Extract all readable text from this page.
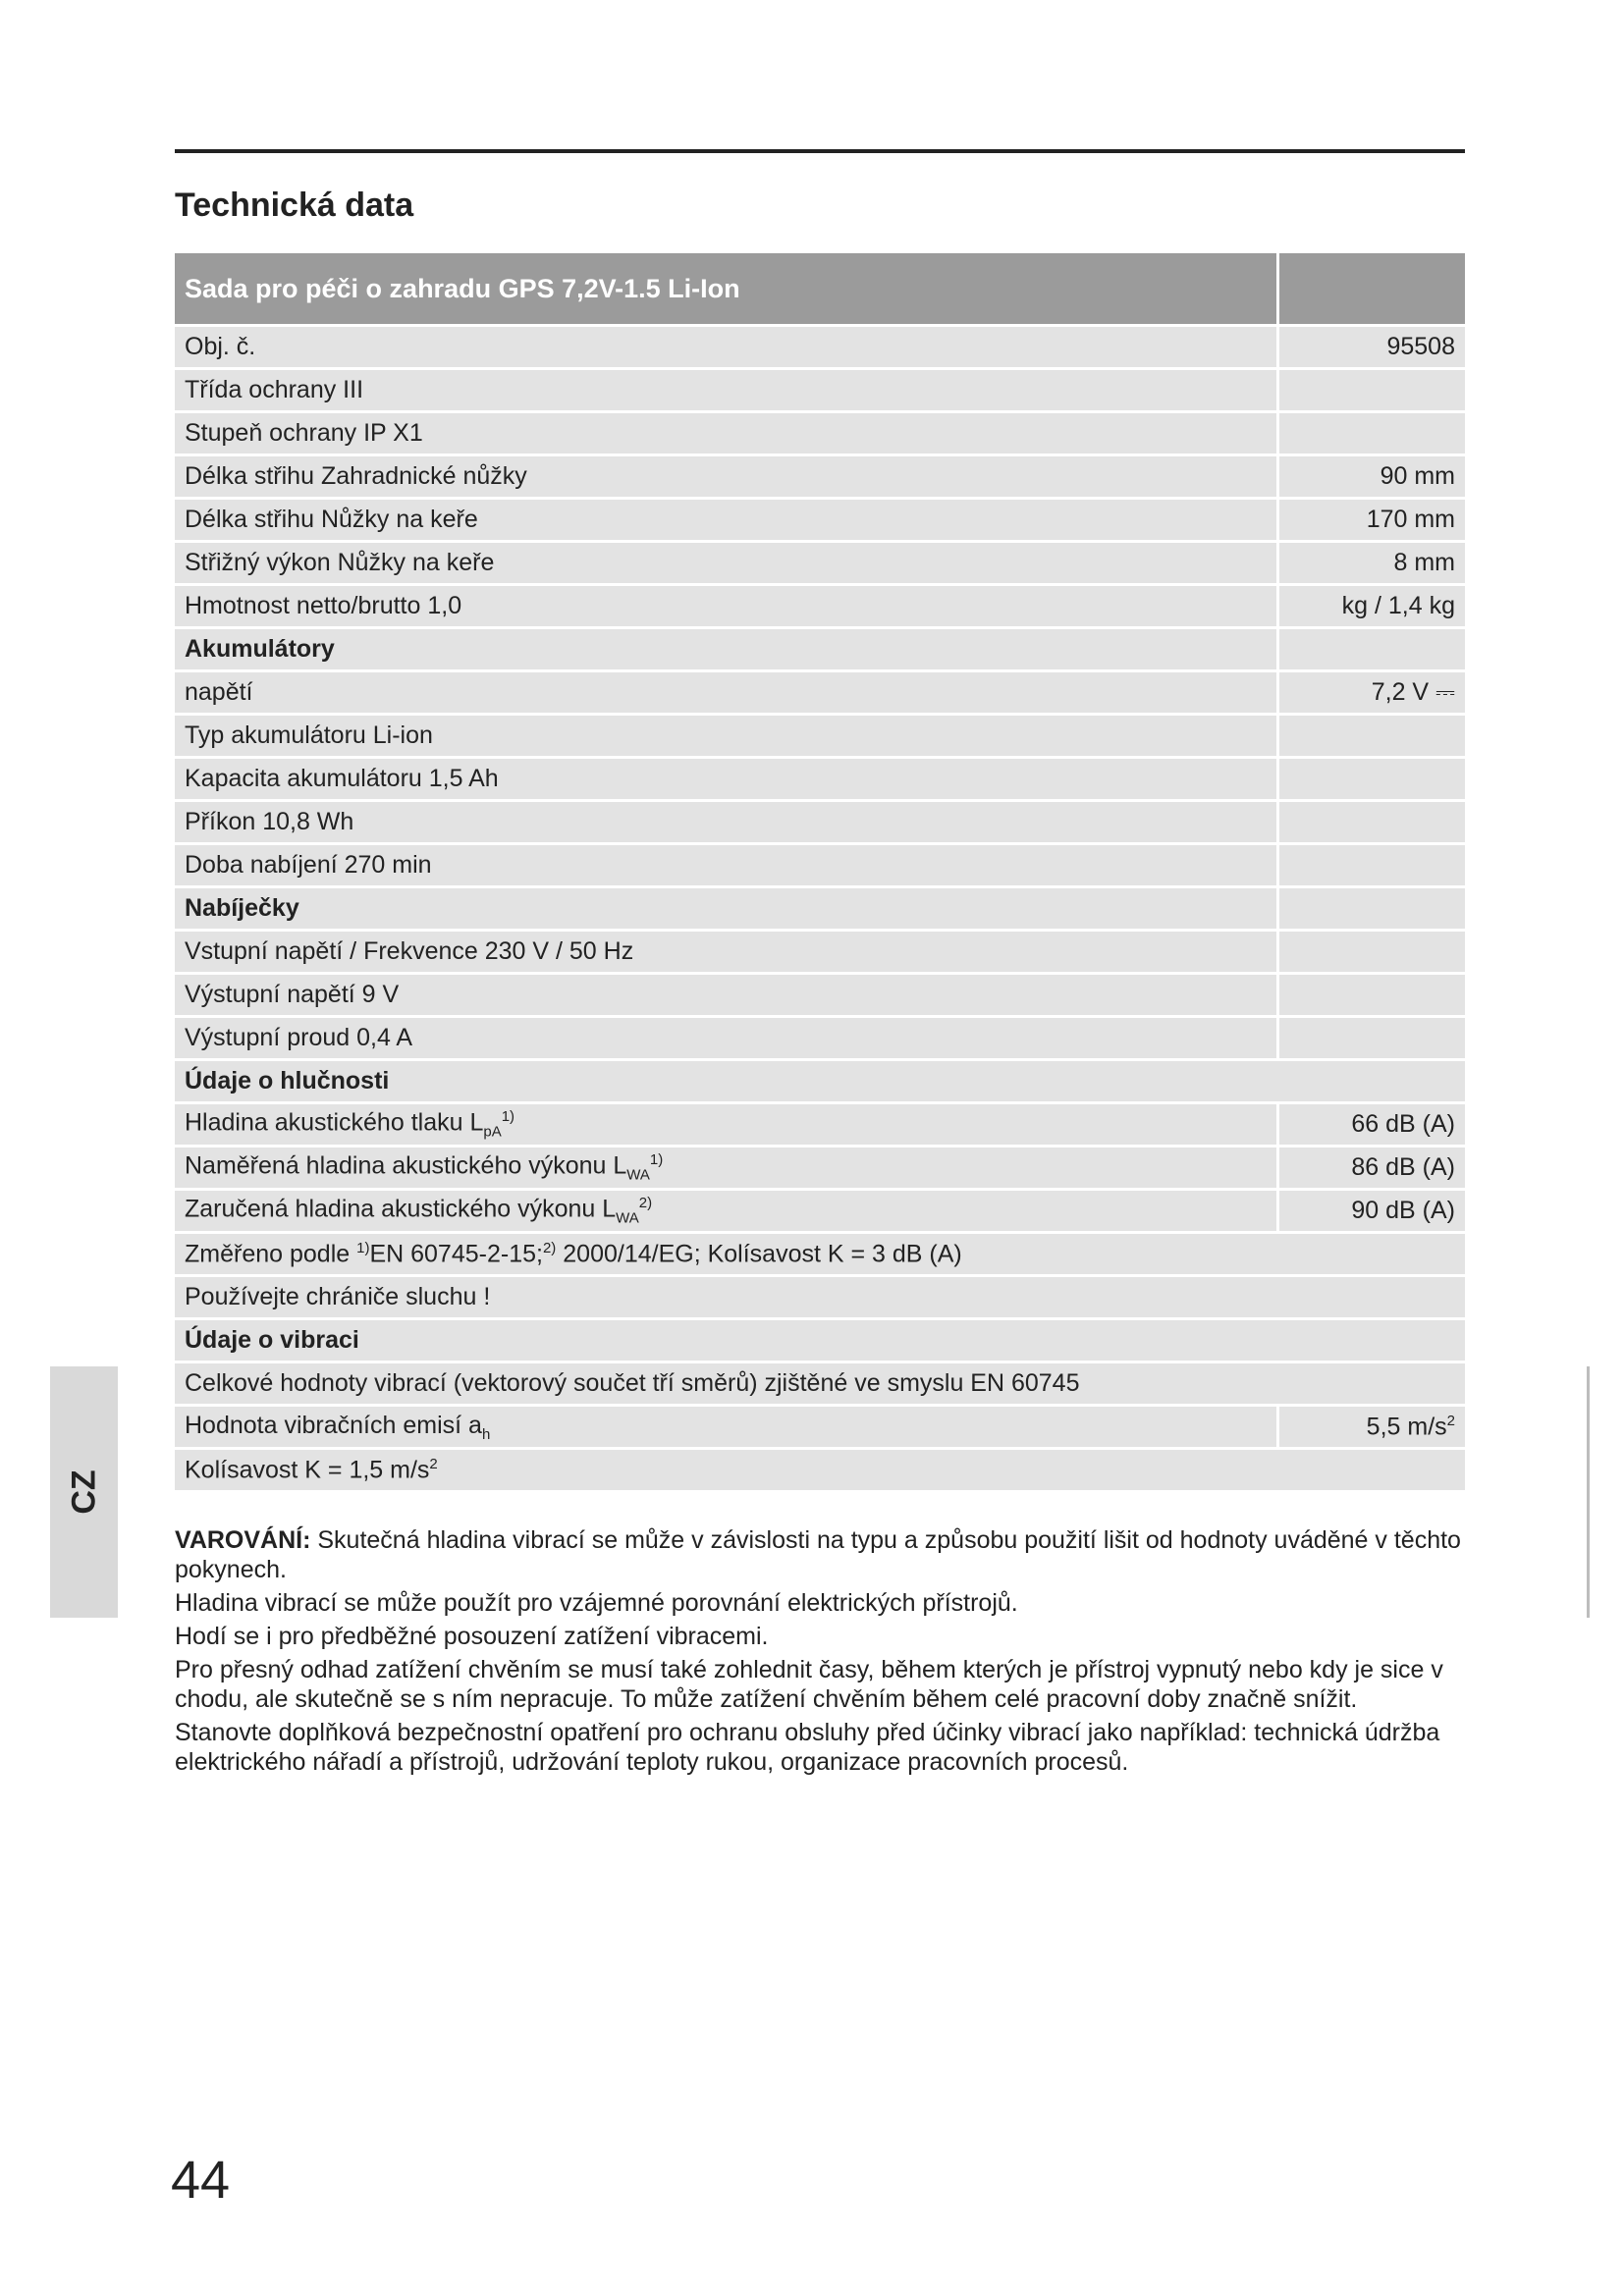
Technická data
Sada pro péči o zahradu GPS 7,2V-1.5 Li-Ion	
Obj. č.	95508
Třída ochrany III	
Stupeň ochrany IP X1	
Délka střihu Zahradnické nůžky	90 mm
Délka střihu Nůžky na keře	170 mm
Střižný výkon Nůžky na keře	8 mm
Hmotnost netto/brutto 1,0	kg / 1,4 kg
Akumulátory	
napětí	7,2 V ⎓
Typ akumulátoru Li-ion	
Kapacita akumulátoru 1,5 Ah	
Příkon 10,8 Wh	
Doba nabíjení 270 min	
Nabíječky	
Vstupní napětí / Frekvence 230 V / 50 Hz	
Výstupní napětí 9 V	
Výstupní proud 0,4 A	
Údaje o hlučnosti	
Hladina akustického tlaku $L_{pA}^{1)}$	66 dB (A)
Naměřená hladina akustického výkonu $L_{WA}^{1)}$	86 dB (A)
Zaručená hladina akustického výkonu $L_{WA}^{2)}$	90 dB (A)
Změřeno podle $^{1)}$EN 60745-2-15;$^{2)}$ 2000/14/EG; Kolísavost K = 3 dB (A)	
Používejte chrániče sluchu !	
Údaje o vibraci	
Celkové hodnoty vibrací (vektorový součet tří směrů) zjištěné ve smyslu EN 60745	
Hodnota vibračních emisí $a_h$	5,5 $m/s^2$
Kolísavost K = 1,5 $m/s^2$

VAROVÁNÍ: Skutečná hladina vibrací se může v závislosti na typu a způsobu použití lišit od hodnoty uváděné v těchto pokynech.

Hladina vibrací se může použít pro vzájemné porovnání elektrických přístrojů.

Hodí se i pro předběžné posouzení zatížení vibracemi.

Pro přesný odhad zatížení chvěním se musí také zohlednit časy, během kterých je přístroj vypnutý nebo kdy je sice v chodu, ale skutečně se s ním nepracuje. To může zatížení chvěním během celé pracovní doby značně snížit.

Stanovte doplňková bezpečnostní opatření pro ochranu obsluhy před účinky vibrací jako například: technická údržba elektrického nářadí a přístrojů, udržování teploty rukou, organizace pracovních procesů.

CZ
44
